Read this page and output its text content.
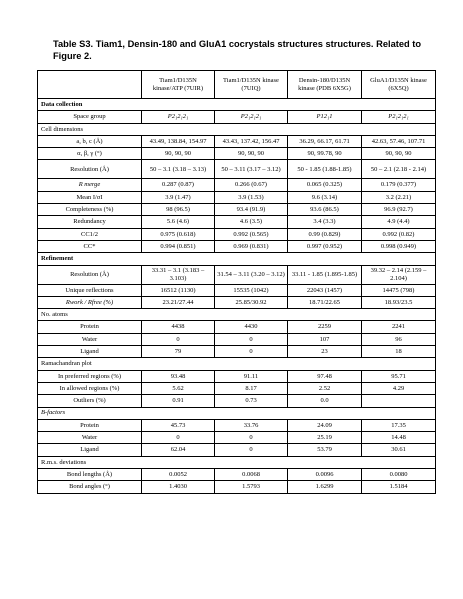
Table S3. Tiam1, Densin-180 and GluA1 cocrystals structures structures. Related to Figure 2.
	Tiam1/D135N kinase/ATP (7UIR)	Tiam1/D135N kinase (7UIQ)	Densin-180/D135N kinase (PDB 6X5G)	GluA1/D135N kinase (6X5Q)
Data collection				
Space group	P2₁2₁2₁	P2₁2₁2₁	P12₁1	P2₁2₁2₁
Cell dimensions				
a, b, c (Å)	43.49, 138.84, 154.97	43.43, 137.42, 156.47	36.29, 66.17, 61.71	42.63, 57.46, 107.71
α, β, γ (°)	90, 90, 90	90, 90, 90	90, 99.78, 90	90, 90, 90
Resolution (Å)	50 – 3.1 (3.18 – 3.13)	50 – 3.11 (3.17 – 3.12)	50 - 1.85 (1.88-1.85)	50 – 2.1 (2.18 - 2.14)
R merge	0.287 (0.87)	0.266 (0.67)	0.065 (0.325)	0.179 (0.377)
Mean I/σI	3.9 (1.47)	3.9 (1.53)	9.6 (3.14)	3.2 (2.21)
Completeness (%)	98 (96.5)	93.4 (91.9)	93.6 (86.5)	96.9 (92.7)
Redundancy	5.6 (4.6)	4.6 (3.5)	3.4 (3.3)	4.9 (4.4)
CC1/2	0.975 (0.618)	0.992 (0.565)	0.99 (0.829)	0.992 (0.82)
CC*	0.994 (0.851)	0.969 (0.831)	0.997 (0.952)	0.998 (0.949)
Refinement				
Resolution (Å)	33.31 – 3.1 (3.183 – 3.103)	31.54 – 3.11 (3.20 – 3.12)	33.11 - 1.85 (1.895-1.85)	39.32 – 2.14 (2.159 – 2.104)
Unique reflections	16512 (1130)	15535 (1042)	22043 (1457)	14475 (798)
Rwork / Rfree (%)	23.21/27.44	25.85/30.92	18.71/22.65	18.93/23.5
No. atoms				
Protein	4438	4430	2259	2241
Water	0	0	107	96
Ligand	79	0	23	18
Ramachandran plot				
In preferred regions (%)	93.48	91.11	97.48	95.71
In allowed regions (%)	5.62	8.17	2.52	4.29
Outliers (%)	0.91	0.73	0.0	
B-factors				
Protein	45.73	33.76	24.09	17.35
Water	0	0	25.19	14.48
Ligand	62.04	0	53.79	30.61
R.m.s. deviations				
Bond lengths (Å)	0.0052	0.0068	0.0096	0.0080
Bond angles (°)	1.4030	1.5793	1.6299	1.5184
